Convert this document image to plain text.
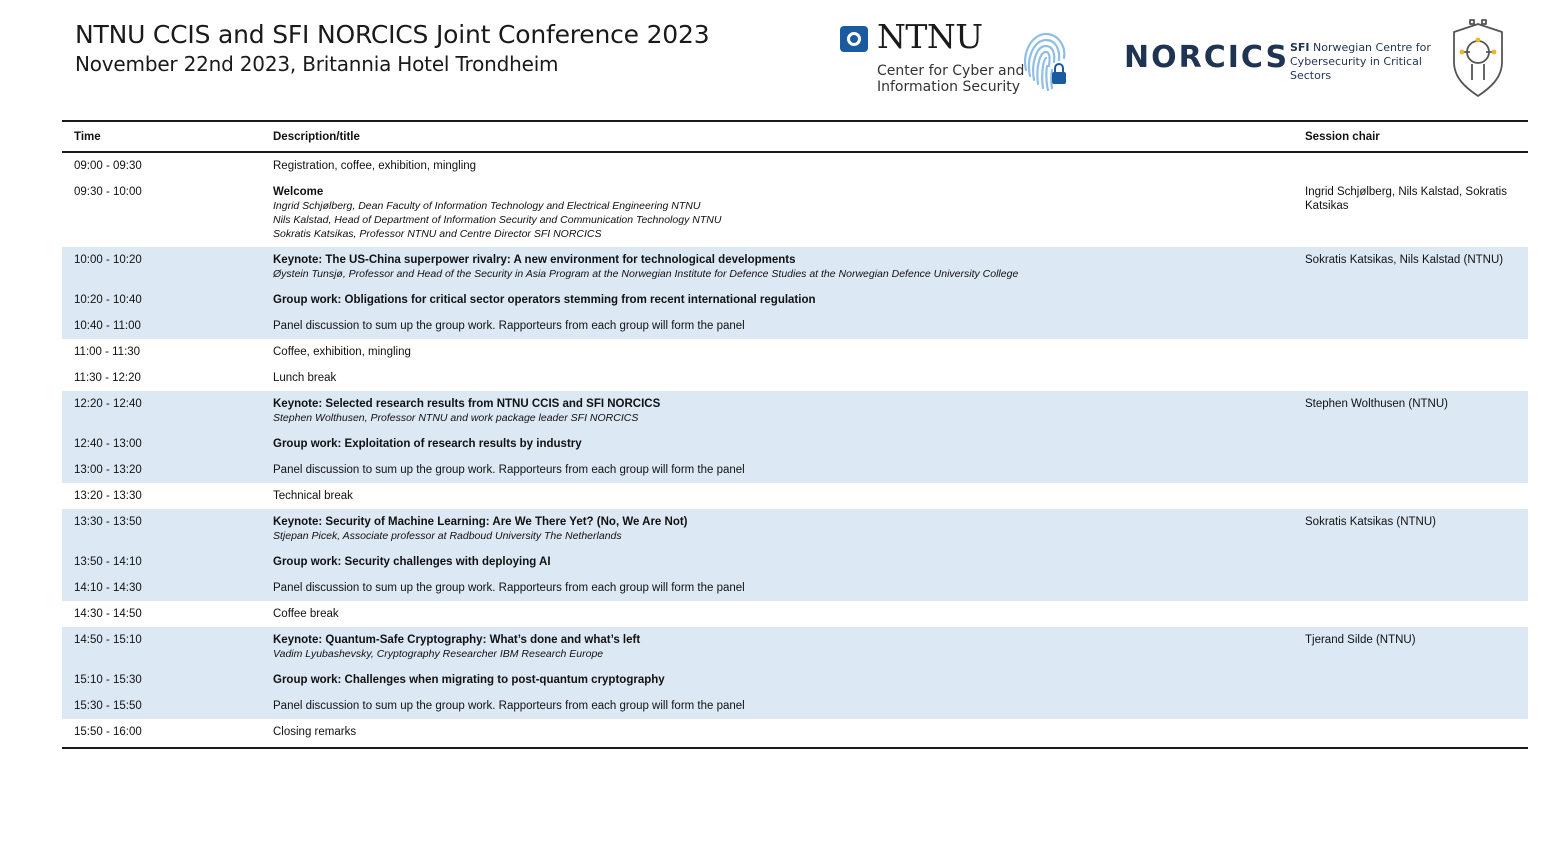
NTNU CCIS and SFI NORCICS Joint Conference 2023
November 22nd 2023, Britannia Hotel Trondheim
NTNU
Center for Cyber and
Information Security
NORCICS SFI Norwegian Centre for
Cybersecurity in Critical
Sectors
Time	Description/title	Session chair
09:00 - 09:30	Registration, coffee, exhibition, mingling	

09:30 - 10:00	Welcome
Ingrid Schjølberg, Dean Faculty of Information Technology and Electrical Engineering NTNU
Nils Kalstad, Head of Department of Information Security and Communication Technology NTNU
Sokratis Katsikas, Professor NTNU and Centre Director SFI NORCICS	Ingrid Schjølberg, Nils Kalstad, Sokratis Katsikas
10:00 - 10:20	Keynote: The US-China superpower rivalry: A new environment for technological developments
Øystein Tunsjø, Professor and Head of the Security in Asia Program at the Norwegian Institute for Defence Studies at the Norwegian Defence University College	Sokratis Katsikas, Nils Kalstad (NTNU)
10:20 - 10:40	Group work: Obligations for critical sector operators stemming from recent international regulation	

10:40 - 11:00	Panel discussion to sum up the group work. Rapporteurs from each group will form the panel	

11:00 - 11:30	Coffee, exhibition, mingling	

11:30 - 12:20	Lunch break	

12:20 - 12:40	Keynote: Selected research results from NTNU CCIS and SFI NORCICS
Stephen Wolthusen, Professor NTNU and work package leader SFI NORCICS	Stephen Wolthusen (NTNU)
12:40 - 13:00	Group work: Exploitation of research results by industry	

13:00 - 13:20	Panel discussion to sum up the group work. Rapporteurs from each group will form the panel	

13:20 - 13:30	Technical break	

13:30 - 13:50	Keynote: Security of Machine Learning: Are We There Yet? (No, We Are Not)
Stjepan Picek, Associate professor at Radboud University The Netherlands	Sokratis Katsikas (NTNU)
13:50 - 14:10	Group work: Security challenges with deploying AI	

14:10 - 14:30	Panel discussion to sum up the group work. Rapporteurs from each group will form the panel	

14:30 - 14:50	Coffee break	

14:50 - 15:10	Keynote: Quantum-Safe Cryptography: What’s done and what’s left
Vadim Lyubashevsky, Cryptography Researcher IBM Research Europe	Tjerand Silde (NTNU)
15:10 - 15:30	Group work: Challenges when migrating to post-quantum cryptography	

15:30 - 15:50	Panel discussion to sum up the group work. Rapporteurs from each group will form the panel	

15:50 - 16:00	Closing remarks	
